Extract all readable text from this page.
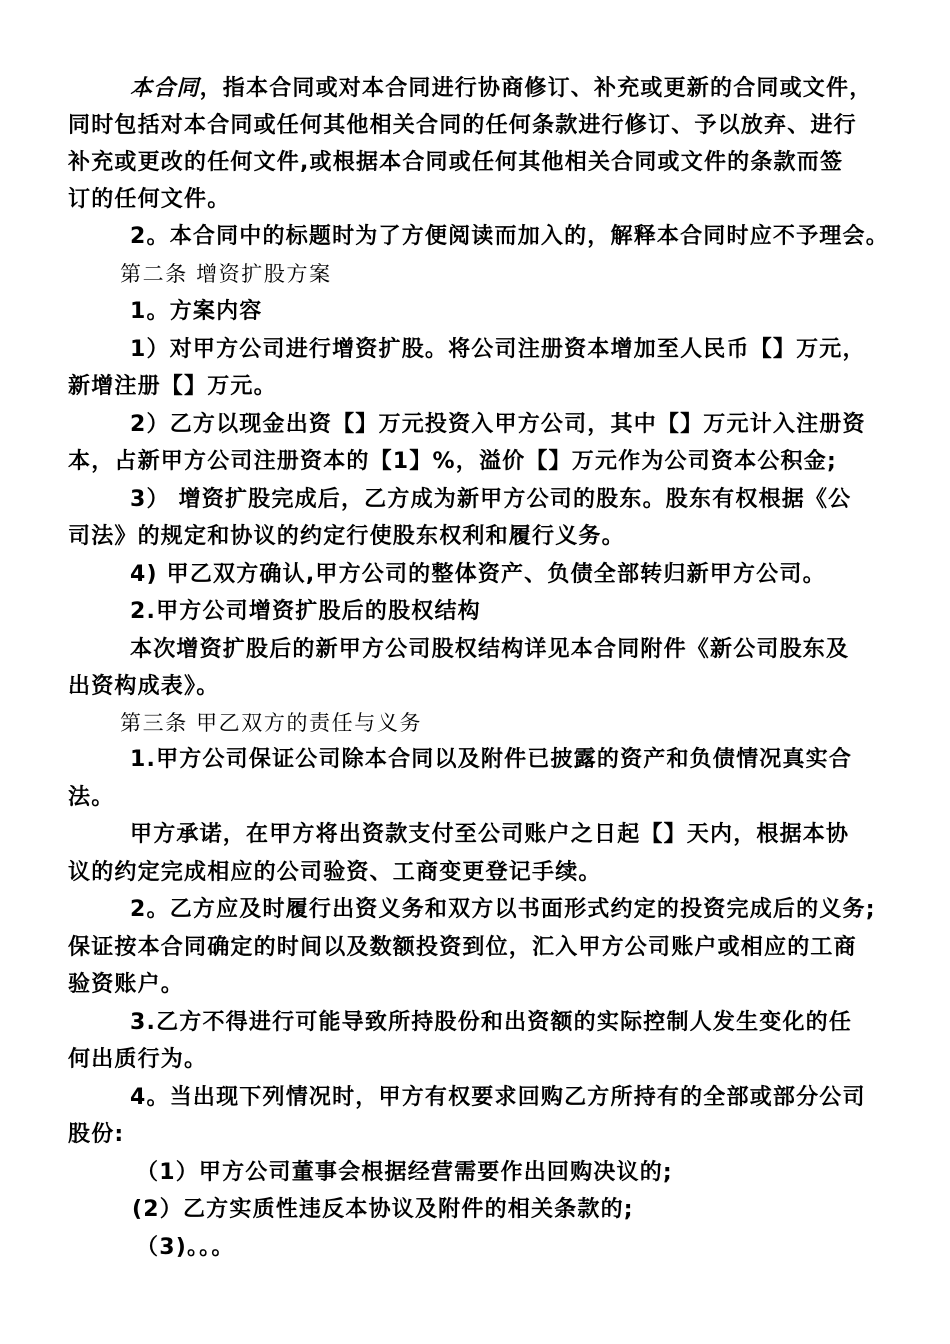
本合同，指本合同或对本合同进行协商修订、补充或更新的合同或文件，
同时包括对本合同或任何其他相关合同的任何条款进行修订、予以放弃、进行
补充或更改的任何文件,或根据本合同或任何其他相关合同或文件的条款而签
订的任何文件。
2。本合同中的标题时为了方便阅读而加入的，解释本合同时应不予理会。
第二条 增资扩股方案
1。方案内容
1）对甲方公司进行增资扩股。将公司注册资本增加至人民币【】万元，
新增注册【】万元。
2）乙方以现金出资【】万元投资入甲方公司，其中【】万元计入注册资
本，占新甲方公司注册资本的【1】%，溢价【】万元作为公司资本公积金;
3） 增资扩股完成后，乙方成为新甲方公司的股东。股东有权根据《公
司法》的规定和协议的约定行使股东权利和履行义务。
4) 甲乙双方确认,甲方公司的整体资产、负债全部转归新甲方公司。
2.甲方公司增资扩股后的股权结构
本次增资扩股后的新甲方公司股权结构详见本合同附件《新公司股东及
出资构成表》。
第三条 甲乙双方的责任与义务
1.甲方公司保证公司除本合同以及附件已披露的资产和负债情况真实合
法。
甲方承诺，在甲方将出资款支付至公司账户之日起【】天内，根据本协
议的约定完成相应的公司验资、工商变更登记手续。
2。乙方应及时履行出资义务和双方以书面形式约定的投资完成后的义务;
保证按本合同确定的时间以及数额投资到位，汇入甲方公司账户或相应的工商
验资账户。
3.乙方不得进行可能导致所持股份和出资额的实际控制人发生变化的任
何出质行为。
4。当出现下列情况时，甲方有权要求回购乙方所持有的全部或部分公司
股份:
（1）甲方公司董事会根据经营需要作出回购决议的;
(2）乙方实质性违反本协议及附件的相关条款的;
（3)。。。
